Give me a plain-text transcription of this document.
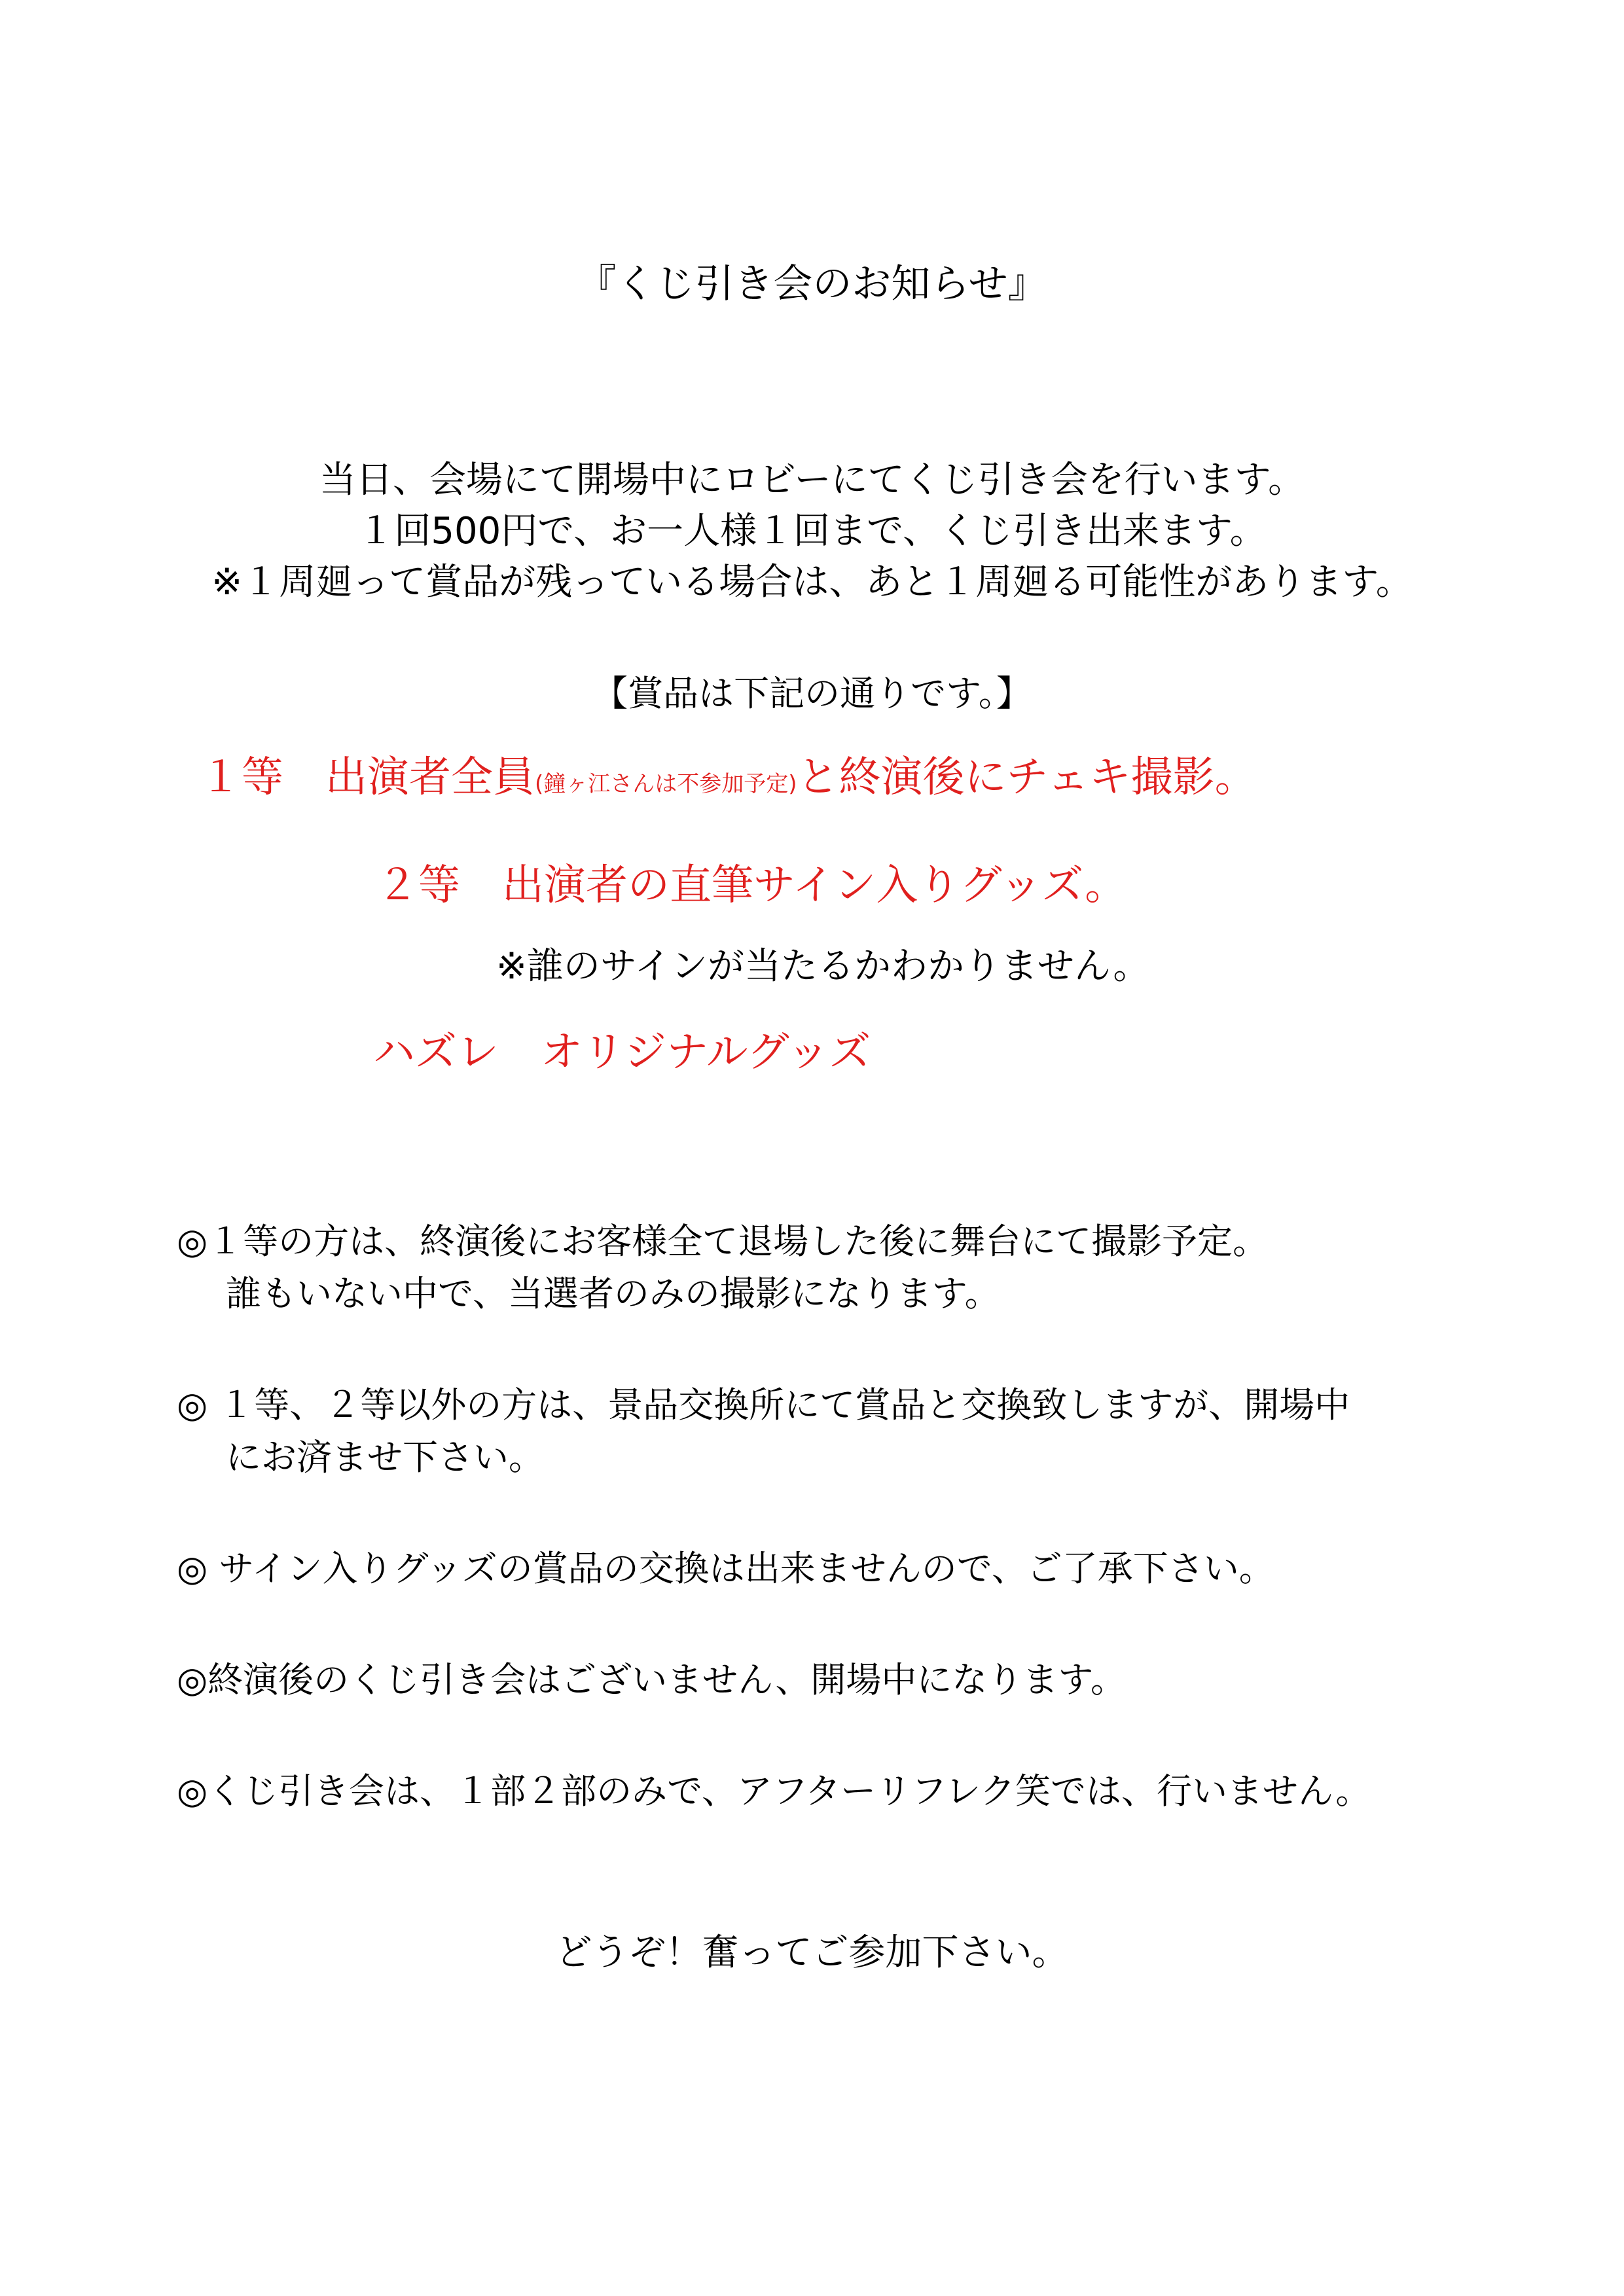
『くじ引き会のお知らせ』
当日、会場にて開場中にロビーにてくじ引き会を行います。
１回500円で、お一人様１回まで、くじ引き出来ます。
※１周廻って賞品が残っている場合は、あと１周廻る可能性があります。
【賞品は下記の通りです。】
１等 出演者全員(鐘ヶ江さんは不参加予定)と終演後にチェキ撮影。
２等 出演者の直筆サイン入りグッズ。
※誰のサインが当たるかわかりません。
ハズレ オリジナルグッズ
◎１等の方は、終演後にお客様全て退場した後に舞台にて撮影予定。
誰もいない中で、当選者のみの撮影になります。
◎ １等、２等以外の方は、景品交換所にて賞品と交換致しますが、開場中
にお済ませ下さい。
◎ サイン入りグッズの賞品の交換は出来ませんので、ご了承下さい。
◎終演後のくじ引き会はございません、開場中になります。
◎くじ引き会は、１部２部のみで、アフターリフレク笑では、行いません。
どうぞ！奮ってご参加下さい。
